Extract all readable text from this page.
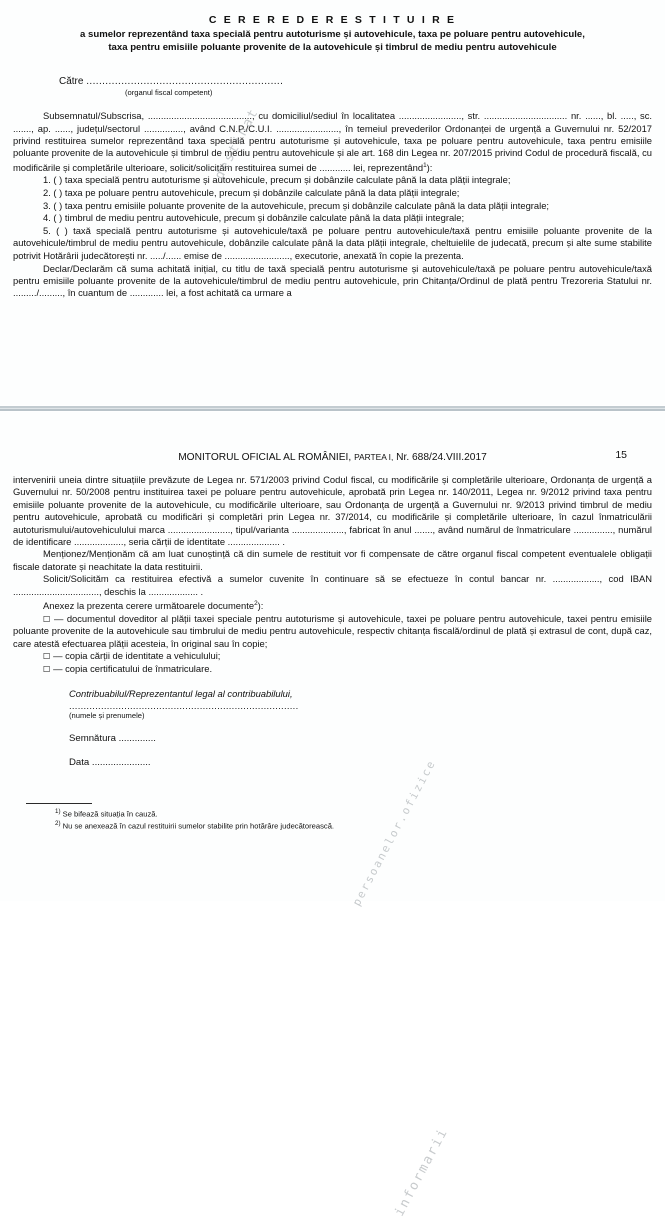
C E R E R E D E R E S T I T U I R E
a sumelor reprezentând taxa specială pentru autoturisme și autovehicule, taxa pe poluare pentru autovehicule,
taxa pentru emisiile poluante provenite de la autovehicule și timbrul de mediu pentru autovehicule
Către ..............................................................
(organul fiscal competent)

Subsemnatul/Subscrisa, ........................................, cu domiciliul/sediul în localitatea ........................, str. ................................ nr. ......, bl. ....., sc. ......., ap. ......, județul/sectorul ..............., având C.N.P./C.U.I. ........................, în temeiul prevederilor Ordonanței de urgență a Guvernului nr. 52/2017 privind restituirea sumelor reprezentând taxa specială pentru autoturisme și autovehicule, taxa pe poluare pentru autovehicule, taxa pentru emisiile poluante provenite de la autovehicule și timbrul de mediu pentru autovehicule și ale art. 168 din Legea nr. 207/2015 privind Codul de procedură fiscală, cu modificările și completările ulterioare, solicit/solicităm restituirea sumei de ............ lei, reprezentând$^1$):

1. ( ) taxa specială pentru autoturisme și autovehicule, precum și dobânzile calculate până la data plății integrale;

2. ( ) taxa pe poluare pentru autovehicule, precum și dobânzile calculate până la data plății integrale;

3. ( ) taxa pentru emisiile poluante provenite de la autovehicule, precum și dobânzile calculate până la data plății integrale;

4. ( ) timbrul de mediu pentru autovehicule, precum și dobânzile calculate până la data plății integrale;

5. ( ) taxă specială pentru autoturisme și autovehicule/taxă pe poluare pentru autovehicule/taxă pentru emisiile poluante provenite de la autovehicule/timbrul de mediu pentru autovehicule, dobânzile calculate până la data plății integrale, cheltuielile de judecată, precum și alte sume stabilite potrivit Hotărârii judecătorești nr. ...../...... emise de ........................., executorie, anexată în copie la prezenta.

Declar/Declarăm că suma achitată inițial, cu titlu de taxă specială pentru autoturisme și autovehicule/taxă pe poluare pentru autovehicule/taxă pentru emisiile poluante provenite de la autovehicule/timbrul de mediu pentru autovehicule, prin Chitanța/Ordinul de plată pentru Trezoreria Statului nr. ........./........., în cuantum de ............. lei, a fost achitată ca urmare a

destinat
MONITORUL OFICIAL AL ROMÂNIEI, PARTEA I, Nr. 688/24.VIII.2017	15

intervenirii uneia dintre situațiile prevăzute de Legea nr. 571/2003 privind Codul fiscal, cu modificările și completările ulterioare, Ordonanța de urgență a Guvernului nr. 50/2008 pentru instituirea taxei pe poluare pentru autovehicule, aprobată prin Legea nr. 140/2011, Legea nr. 9/2012 privind taxa pentru emisiile poluante provenite de la autovehicule, cu modificările ulterioare, sau Ordonanța de urgență a Guvernului nr. 9/2013 privind timbrul de mediu pentru autovehicule, aprobată cu modificări și completări prin Legea nr. 37/2014, cu modificările și completările ulterioare, în cazul înmatriculării autoturismului/autovehiculului marca ........................, tipul/varianta ...................., fabricat în anul ......., având numărul de înmatriculare ..............., numărul de identificare ..................., seria cărții de identitate .................... .

Menționez/Menționăm că am luat cunoștință că din sumele de restituit vor fi compensate de către organul fiscal competent eventualele obligații fiscale datorate și neachitate la data restituirii.

Solicit/Solicităm ca restituirea efectivă a sumelor cuvenite în continuare să se efectueze în contul bancar nr. .................., cod IBAN ................................., deschis la ................... .

Anexez la prezenta cerere următoarele documente$^2$):

☐ — documentul doveditor al plății taxei speciale pentru autoturisme și autovehicule, taxei pe poluare pentru autovehicule, taxei pentru emisiile poluante provenite de la autovehicule sau timbrului de mediu pentru autovehicule, respectiv chitanța fiscală/ordinul de plată și extrasul de cont, după caz, care atestă efectuarea plății acesteia, în original sau în copie;

☐ — copia cărții de identitate a vehiculului;

☐ — copia certificatului de înmatriculare.

Contribuabilul/Reprezentantul legal al contribuabilului,
...............................................................................
(numele și prenumele)
Semnătura ..............
Data ......................

$^{1)}$ Se bifează situația în cauză.

$^{2)}$ Nu se anexează în cazul restituirii sumelor stabilite prin hotărâre judecătorească.

informarii
persoanelor.ofizice
